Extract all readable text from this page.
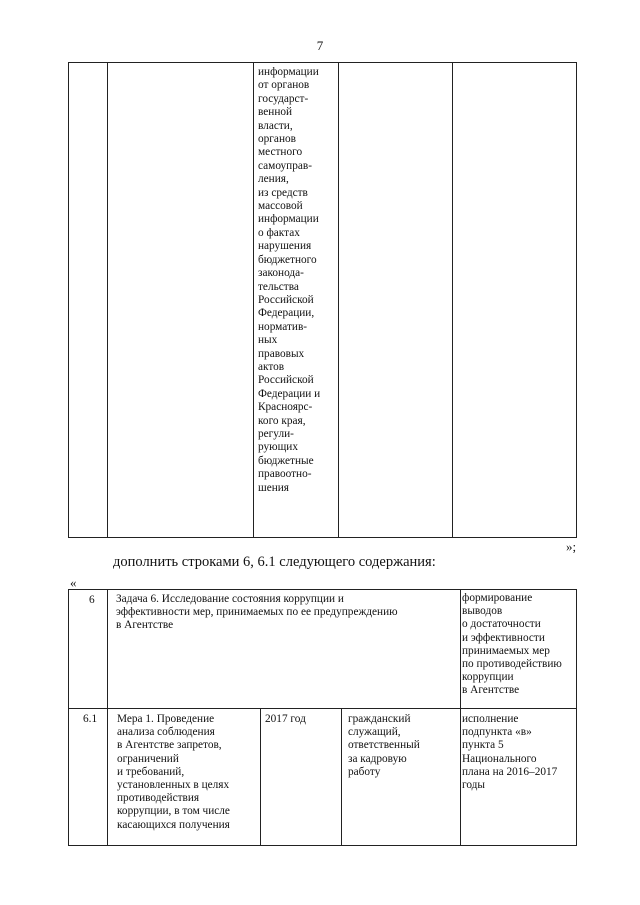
7
информации
от органов
государст-
венной
власти,
органов
местного
самоуправ-
ления,
из средств
массовой
информации
о фактах
нарушения
бюджетного
законода-
тельства
Российской
Федерации,
норматив-
ных
правовых
актов
Российской
Федерации и
Красноярс-
кого края,
регули-
рующих
бюджетные
правоотно-
шения
»;
дополнить строками 6, 6.1 следующего содержания:
«
6 Задача 6. Исследование состояния коррупции и
эффективности мер, принимаемых по ее предупреждению
в Агентстве
формирование
выводов
о достаточности
и эффективности
принимаемых мер
по противодействию
коррупции
в Агентстве
6.1 Мера 1. Проведение
анализа соблюдения
в Агентстве запретов,
ограничений
и требований,
установленных в целях
противодействия
коррупции, в том числе
касающихся получения
2017 год	гражданский
служащий,
ответственный
за кадровую
работу
исполнение
подпункта «в»
пункта 5
Национального
плана на 2016–2017
годы
